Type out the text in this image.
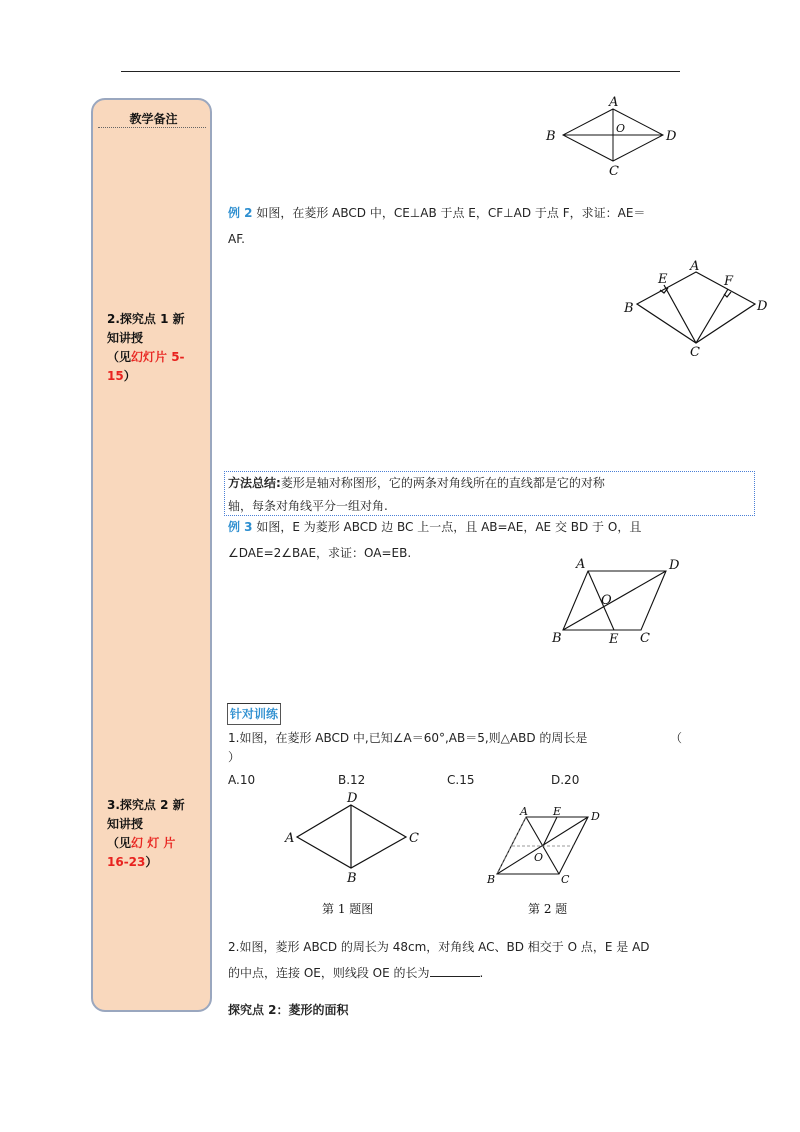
教学备注
2.探究点 1 新
知讲授
（见幻灯片 5-
15）
3.探究点 2 新
知讲授
（见幻 灯 片
16-23）
A
B
C
D
O
A
B
C
D
E	F
A
B	C
D
E
O
D
A	C
B
A E	D
B	C
O
例 2 如图，在菱形 ABCD 中，CE⊥AB 于点 E，CF⊥AD 于点 F，求证：AE＝
AF.
方法总结:菱形是轴对称图形，它的两条对角线所在的直线都是它的对称
轴，每条对角线平分一组对角.
例 3 如图，E 为菱形 ABCD 边 BC 上一点，且 AB=AE，AE 交 BD 于 O，且
∠DAE=2∠BAE，求证：OA=EB.
针对训练
1.如图，在菱形 ABCD 中,已知∠A＝60°,AB＝5,则△ABD 的周长是	（
）
A.10	B.12	C.15	D.20
第 1 题图	第 2 题
2.如图，菱形 ABCD 的周长为 48cm，对角线 AC、BD 相交于 O 点，E 是 AD
的中点，连接 OE，则线段 OE 的长为	.
探究点 2：菱形的面积
